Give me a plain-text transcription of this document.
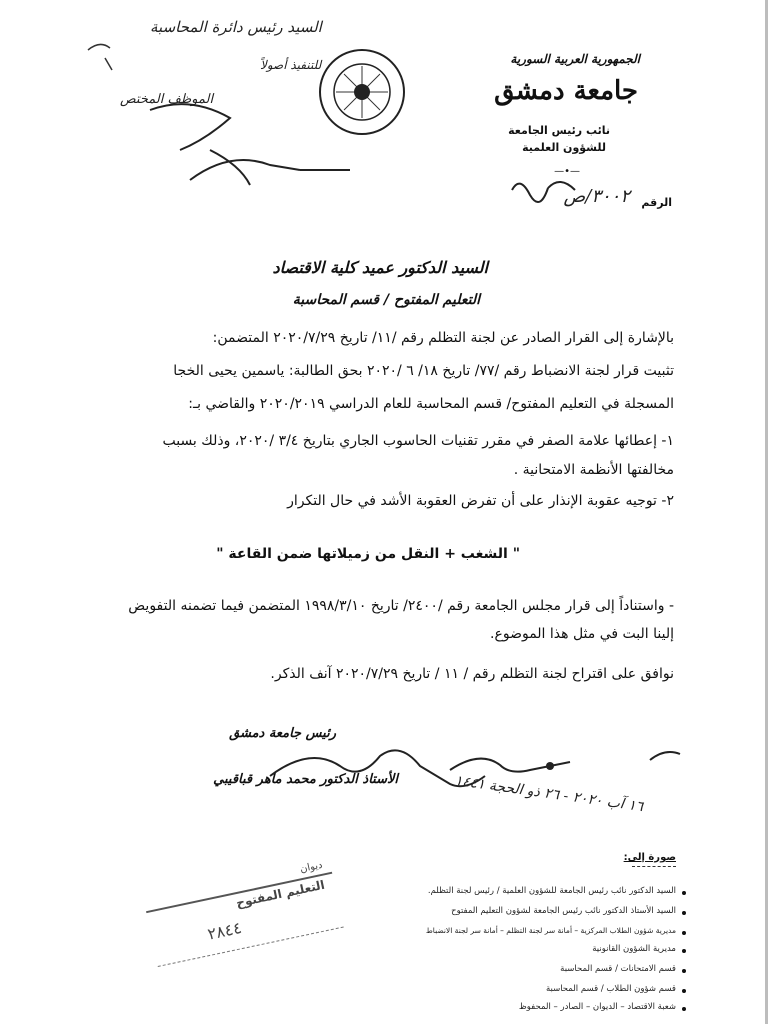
السيد رئيس دائرة المحاسبة
للتنفيذ أصولاً
الموظف المختص
الجمهورية العربية السورية
جامعة دمشق
نائب رئيس الجامعة
للشؤون العلمية
—•—
الرقم
٣٠٠٢/ص
السيد الدكتور عميد كلية الاقتصاد
التعليم المفتوح / قسم المحاسبة
بالإشارة إلى القرار الصادر عن لجنة التظلم رقم /١١/ تاريخ ٢٠٢٠/٧/٢٩ المتضمن:
تثبيت قرار لجنة الانضباط رقم /٧٧/ تاريخ ١٨/ ٦ /٢٠٢٠ بحق الطالبة: ياسمين يحيى الخجا
المسجلة في التعليم المفتوح/ قسم المحاسبة للعام الدراسي ٢٠٢٠/٢٠١٩ والقاضي بـ:
١- إعطائها علامة الصفر في مقرر تقنيات الحاسوب الجاري بتاريخ ٣/٤ /٢٠٢٠، وذلك بسبب
مخالفتها الأنظمة الامتحانية .
٢- توجيه عقوبة الإنذار على أن تفرض العقوبة الأشد في حال التكرار
" الشغب + النقل من زميلاتها ضمن القاعة "
- واستناداً إلى قرار مجلس الجامعة رقم /٢٤٠٠/ تاريخ ١٩٩٨/٣/١٠ المتضمن فيما تضمنه التفويض
إلينا البت في مثل هذا الموضوع.
نوافق على اقتراح لجنة التظلم رقم / ١١ / تاريخ ٢٠٢٠/٧/٢٩ آنف الذكر.
رئيس جامعة دمشق
الأستاذ الدكتور محمد ماهر قباقيبي	١٦ آب ٢٠٢٠ - ٢٦ ذو الحجة ١٤٤١
ديوان
التعليم المفتوح
٢٨٤٤
صورة إلى:
السيد الدكتور نائب رئيس الجامعة للشؤون العلمية / رئيس لجنة التظلم.
السيد الأستاذ الدكتور نائب رئيس الجامعة لشؤون التعليم المفتوح
مديرية شؤون الطلاب المركزية – أمانة سر لجنة التظلم – أمانة سر لجنة الانضباط
مديرية الشؤون القانونية
قسم الامتحانات / قسم المحاسبة
قسم شؤون الطلاب / قسم المحاسبة
شعبة الاقتصاد – الديوان – الصادر – المحفوظ
